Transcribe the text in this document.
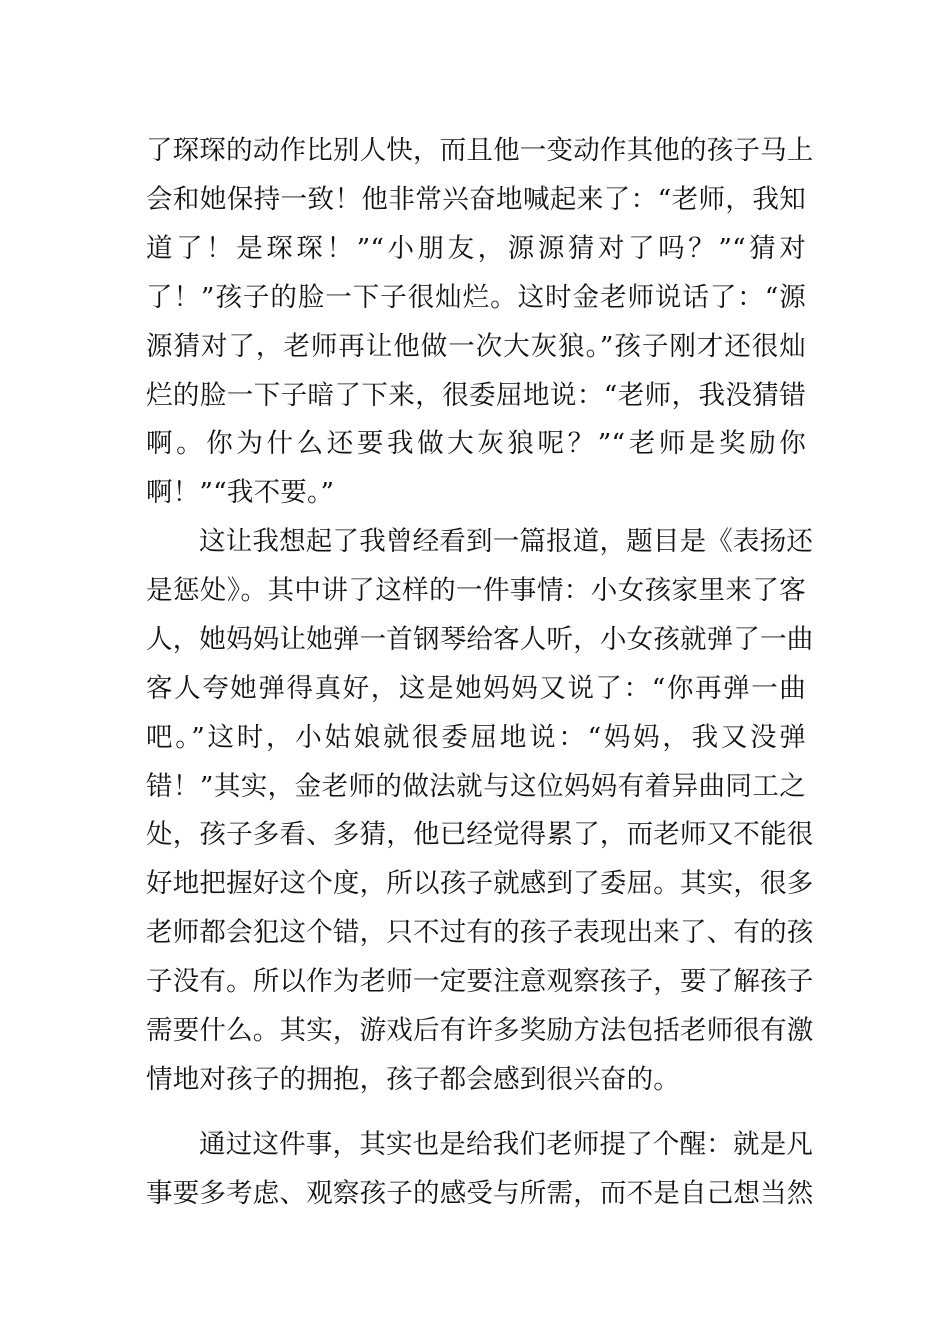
了琛琛的动作比别人快，而且他一变动作其他的孩子马上
会和她保持一致！他非常兴奋地喊起来了：“老师，我知
道了！是琛琛！”“小朋友，源源猜对了吗？”“猜对
了！”孩子的脸一下子很灿烂。这时金老师说话了：“源
源猜对了，老师再让他做一次大灰狼。”孩子刚才还很灿
烂的脸一下子暗了下来，很委屈地说：“老师，我没猜错
啊。你为什么还要我做大灰狼呢？”“老师是奖励你
啊！”“我不要。”
这让我想起了我曾经看到一篇报道，题目是《表扬还
是惩处》。其中讲了这样的一件事情：小女孩家里来了客
人，她妈妈让她弹一首钢琴给客人听，小女孩就弹了一曲
客人夸她弹得真好，这是她妈妈又说了：“你再弹一曲
吧。”这时，小姑娘就很委屈地说：“妈妈，我又没弹
错！”其实，金老师的做法就与这位妈妈有着异曲同工之
处，孩子多看、多猜，他已经觉得累了，而老师又不能很
好地把握好这个度，所以孩子就感到了委屈。其实，很多
老师都会犯这个错，只不过有的孩子表现出来了、有的孩
子没有。所以作为老师一定要注意观察孩子，要了解孩子
需要什么。其实，游戏后有许多奖励方法包括老师很有激
情地对孩子的拥抱，孩子都会感到很兴奋的。
通过这件事，其实也是给我们老师提了个醒：就是凡
事要多考虑、观察孩子的感受与所需，而不是自己想当然
